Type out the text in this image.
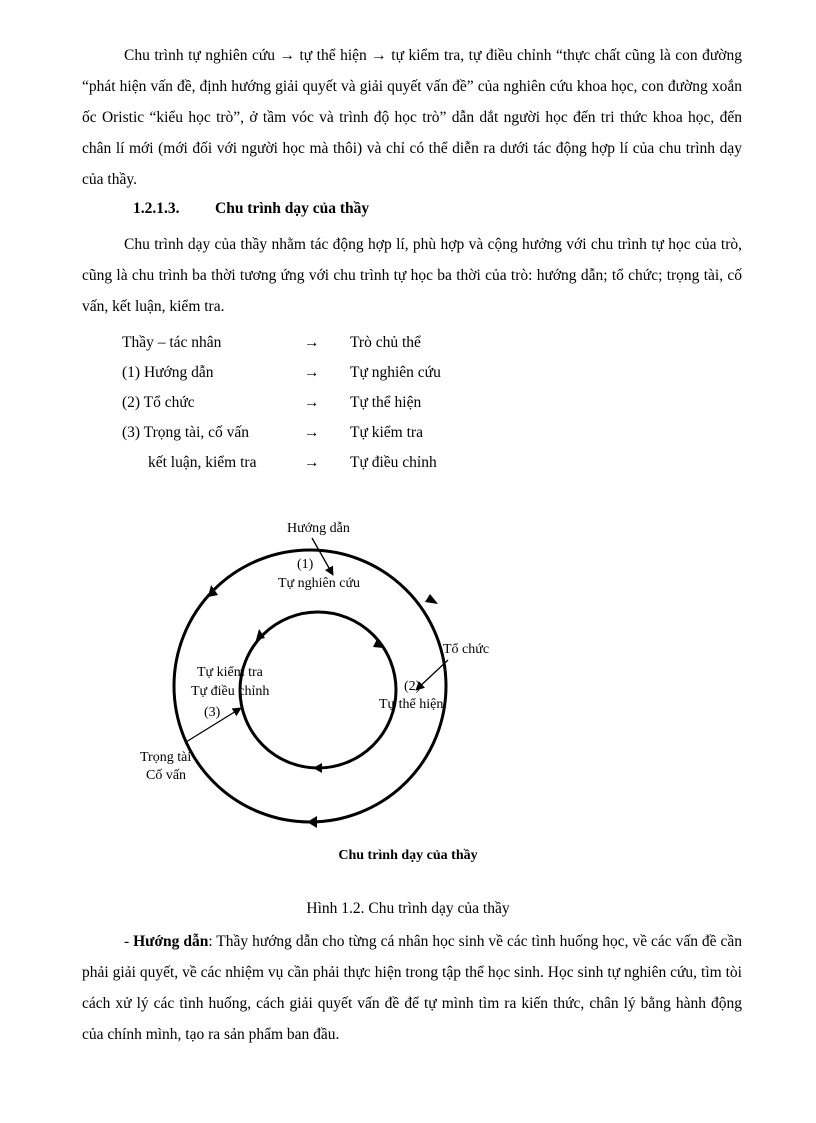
Chu trình tự nghiên cứu → tự thể hiện → tự kiểm tra, tự điều chỉnh “thực chất cũng là con đường “phát hiện vấn đề, định hướng giải quyết và giải quyết vấn đề” của nghiên cứu khoa học, con đường xoắn ốc Oristic “kiểu học trò”, ở tầm vóc và trình độ học trò” dẫn dắt người học đến tri thức khoa học, đến chân lí mới (mới đối với người học mà thôi) và chỉ có thể diễn ra dưới tác động hợp lí của chu trình dạy của thầy.

1.2.1.3. Chu trình dạy của thầy

Chu trình dạy của thầy nhằm tác động hợp lí, phù hợp và cộng hưởng với chu trình tự học của trò, cũng là chu trình ba thời tương ứng với chu trình tự học ba thời của trò: hướng dẫn; tổ chức; trọng tài, cố vấn, kết luận, kiểm tra.

Thầy – tác nhân	→ Trò chủ thể
(1) Hướng dẫn	→ Tự nghiên cứu
(2) Tổ chức	→ Tự thể hiện
(3) Trọng tài, cố vấn	→ Tự kiểm tra
kết luận, kiểm tra	→ Tự điều chỉnh
Hướng dẫn
(1)
Tự nghiên cứu
Tổ chức
(2)
Tự thể hiện
Tự kiểm tra
Tự điều chỉnh
(3)
Trọng tài
Cố vấn
Chu trình dạy của thầy
Hình 1.2. Chu trình dạy của thầy

- Hướng dẫn: Thầy hướng dẫn cho từng cá nhân học sinh về các tình huống học, về các vấn đề cần phải giải quyết, về các nhiệm vụ cần phải thực hiện trong tập thể học sinh. Học sinh tự nghiên cứu, tìm tòi cách xử lý các tình huống, cách giải quyết vấn đề để tự mình tìm ra kiến thức, chân lý bằng hành động của chính mình, tạo ra sản phẩm ban đầu.
